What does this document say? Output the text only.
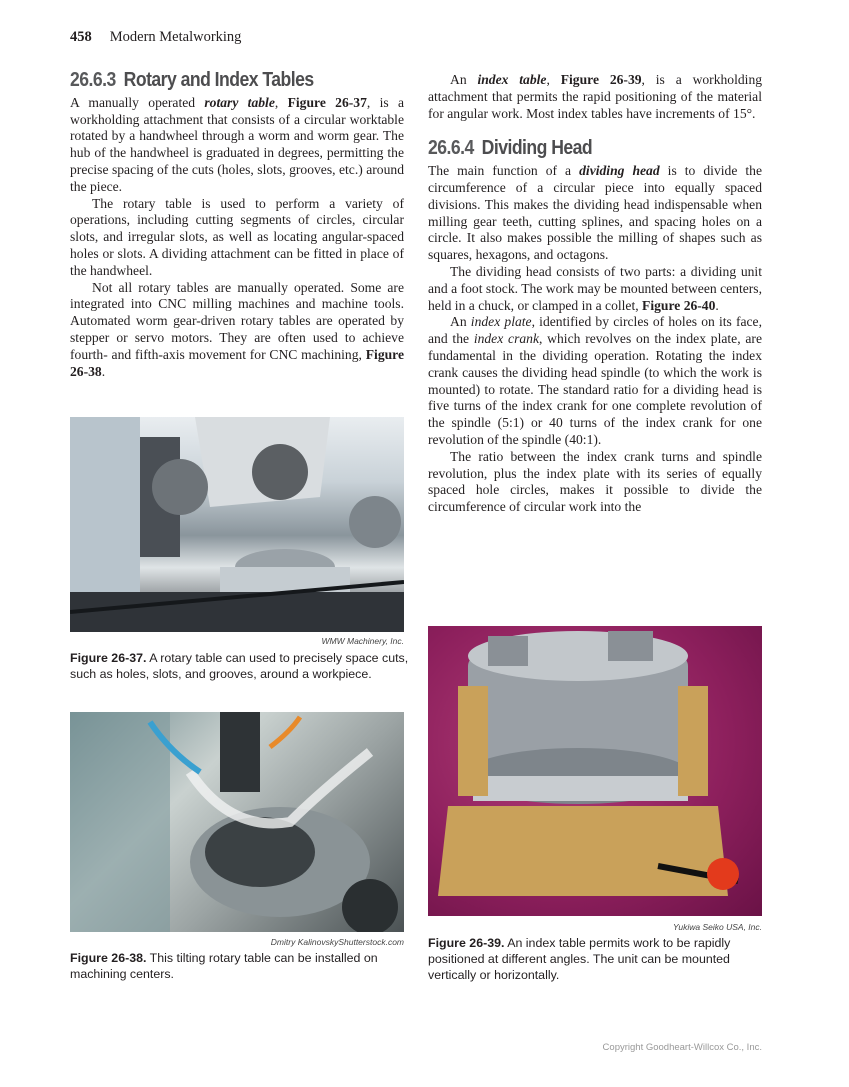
458 Modern Metalworking
26.6.3 Rotary and Index Tables

A manually operated rotary table, Figure 26-37, is a workholding attachment that consists of a circular worktable rotated by a handwheel through a worm and worm gear. The hub of the handwheel is graduated in degrees, permitting the precise spacing of the cuts (holes, slots, grooves, etc.) around the piece.

The rotary table is used to perform a variety of operations, including cutting segments of circles, circular slots, and irregular slots, as well as locating angular-spaced holes or slots. A dividing attachment can be fitted in place of the handwheel.

Not all rotary tables are manually operated. Some are integrated into CNC milling machines and machine tools. Automated worm gear-driven rotary tables are operated by stepper or servo motors. They are often used to achieve fourth- and fifth-axis movement for CNC machining, Figure 26-38.

WMW Machinery, Inc.
Figure 26-37. A rotary table can used to precisely space cuts, such as holes, slots, and grooves, around a workpiece.
Dmitry KalinovskyShutterstock.com
Figure 26-38. This tilting rotary table can be installed on machining centers.

An index table, Figure 26-39, is a workholding attachment that permits the rapid positioning of the material for angular work. Most index tables have increments of 15°.

26.6.4 Dividing Head

The main function of a dividing head is to divide the circumference of a circular piece into equally spaced divisions. This makes the dividing head indispensable when milling gear teeth, cutting splines, and spacing holes on a circle. It also makes possible the milling of shapes such as squares, hexagons, and octagons.

The dividing head consists of two parts: a dividing unit and a foot stock. The work may be mounted between centers, held in a chuck, or clamped in a collet, Figure 26-40.

An index plate, identified by circles of holes on its face, and the index crank, which revolves on the index plate, are fundamental in the dividing operation. Rotating the index crank causes the dividing head spindle (to which the work is mounted) to rotate. The standard ratio for a dividing head is five turns of the index crank for one complete revolution of the spindle (5:1) or 40 turns of the index crank for one revolution of the spindle (40:1).

The ratio between the index crank turns and spindle revolution, plus the index plate with its series of equally spaced hole circles, makes it possible to divide the circumference of circular work into the

Yukiwa Seiko USA, Inc.
Figure 26-39. An index table permits work to be rapidly positioned at different angles. The unit can be mounted vertically or horizontally.
Copyright Goodheart-Willcox Co., Inc.
